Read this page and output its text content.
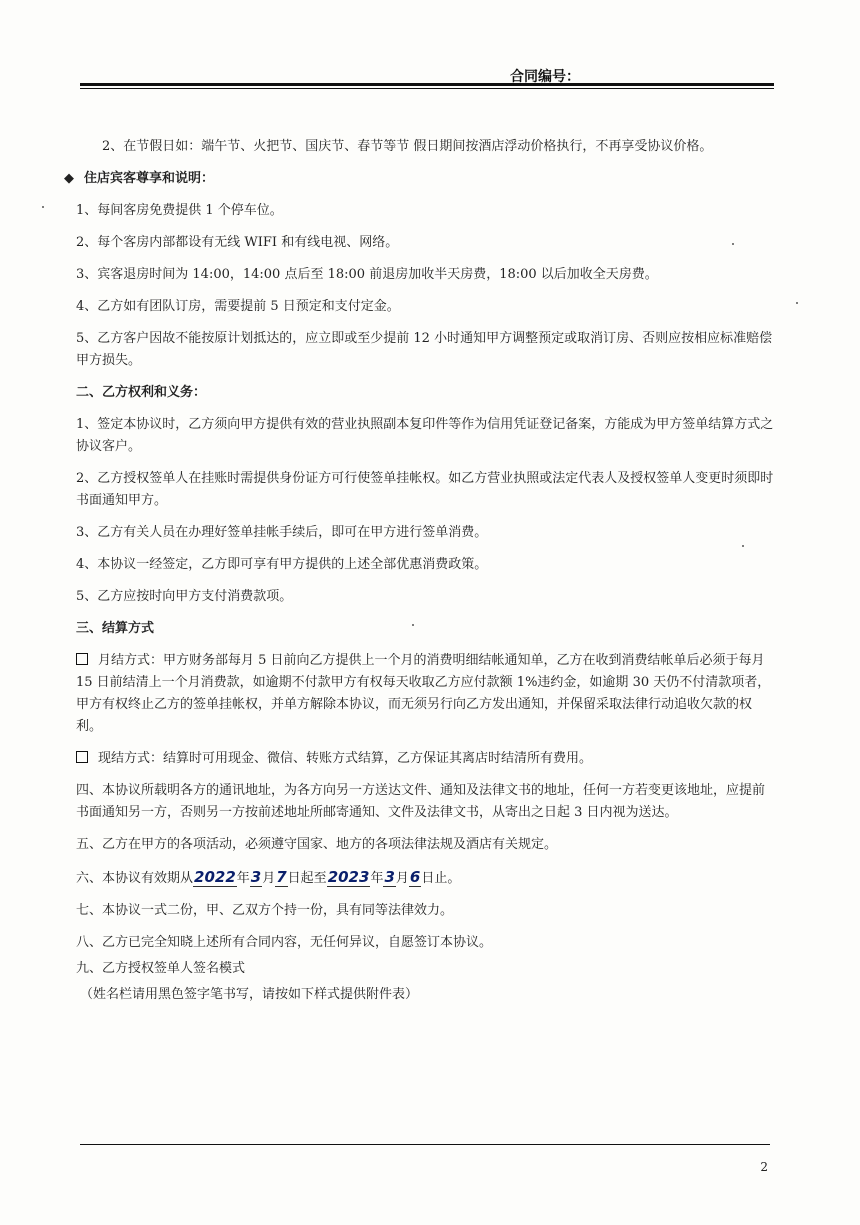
合同编号：

2、在节假日如：端午节、火把节、国庆节、春节等节 假日期间按酒店浮动价格执行，不再享受协议价格。

◆ 住店宾客尊享和说明：

1、每间客房免费提供 1 个停车位。

2、每个客房内部都设有无线 WIFI 和有线电视、网络。

3、宾客退房时间为 14:00，14:00 点后至 18:00 前退房加收半天房费，18:00 以后加收全天房费。

4、乙方如有团队订房，需要提前 5 日预定和支付定金。

5、乙方客户因故不能按原计划抵达的，应立即或至少提前 12 小时通知甲方调整预定或取消订房、否则应按相应标准赔偿甲方损失。

二、乙方权利和义务：

1、签定本协议时，乙方须向甲方提供有效的营业执照副本复印件等作为信用凭证登记备案，方能成为甲方签单结算方式之协议客户。

2、乙方授权签单人在挂账时需提供身份证方可行使签单挂帐权。如乙方营业执照或法定代表人及授权签单人变更时须即时书面通知甲方。

3、乙方有关人员在办理好签单挂帐手续后，即可在甲方进行签单消费。

4、本协议一经签定，乙方即可享有甲方提供的上述全部优惠消费政策。

5、乙方应按时向甲方支付消费款项。

三、结算方式

月结方式：甲方财务部每月 5 日前向乙方提供上一个月的消费明细结帐通知单，乙方在收到消费结帐单后必须于每月 15 日前结清上一个月消费款，如逾期不付款甲方有权每天收取乙方应付款额 1%违约金，如逾期 30 天仍不付清款项者，甲方有权终止乙方的签单挂帐权，并单方解除本协议，而无须另行向乙方发出通知，并保留采取法律行动追收欠款的权利。

现结方式：结算时可用现金、微信、转账方式结算，乙方保证其离店时结清所有费用。

四、本协议所载明各方的通讯地址，为各方向另一方送达文件、通知及法律文书的地址，任何一方若变更该地址，应提前书面通知另一方，否则另一方按前述地址所邮寄通知、文件及法律文书，从寄出之日起 3 日内视为送达。

五、乙方在甲方的各项活动，必须遵守国家、地方的各项法律法规及酒店有关规定。

六、本协议有效期从2022年3月7日起至2023年3月6日止。

七、本协议一式二份，甲、乙双方个持一份，具有同等法律效力。

八、乙方已完全知晓上述所有合同内容，无任何异议，自愿签订本协议。

九、乙方授权签单人签名模式

（姓名栏请用黑色签字笔书写，请按如下样式提供附件表）

2
